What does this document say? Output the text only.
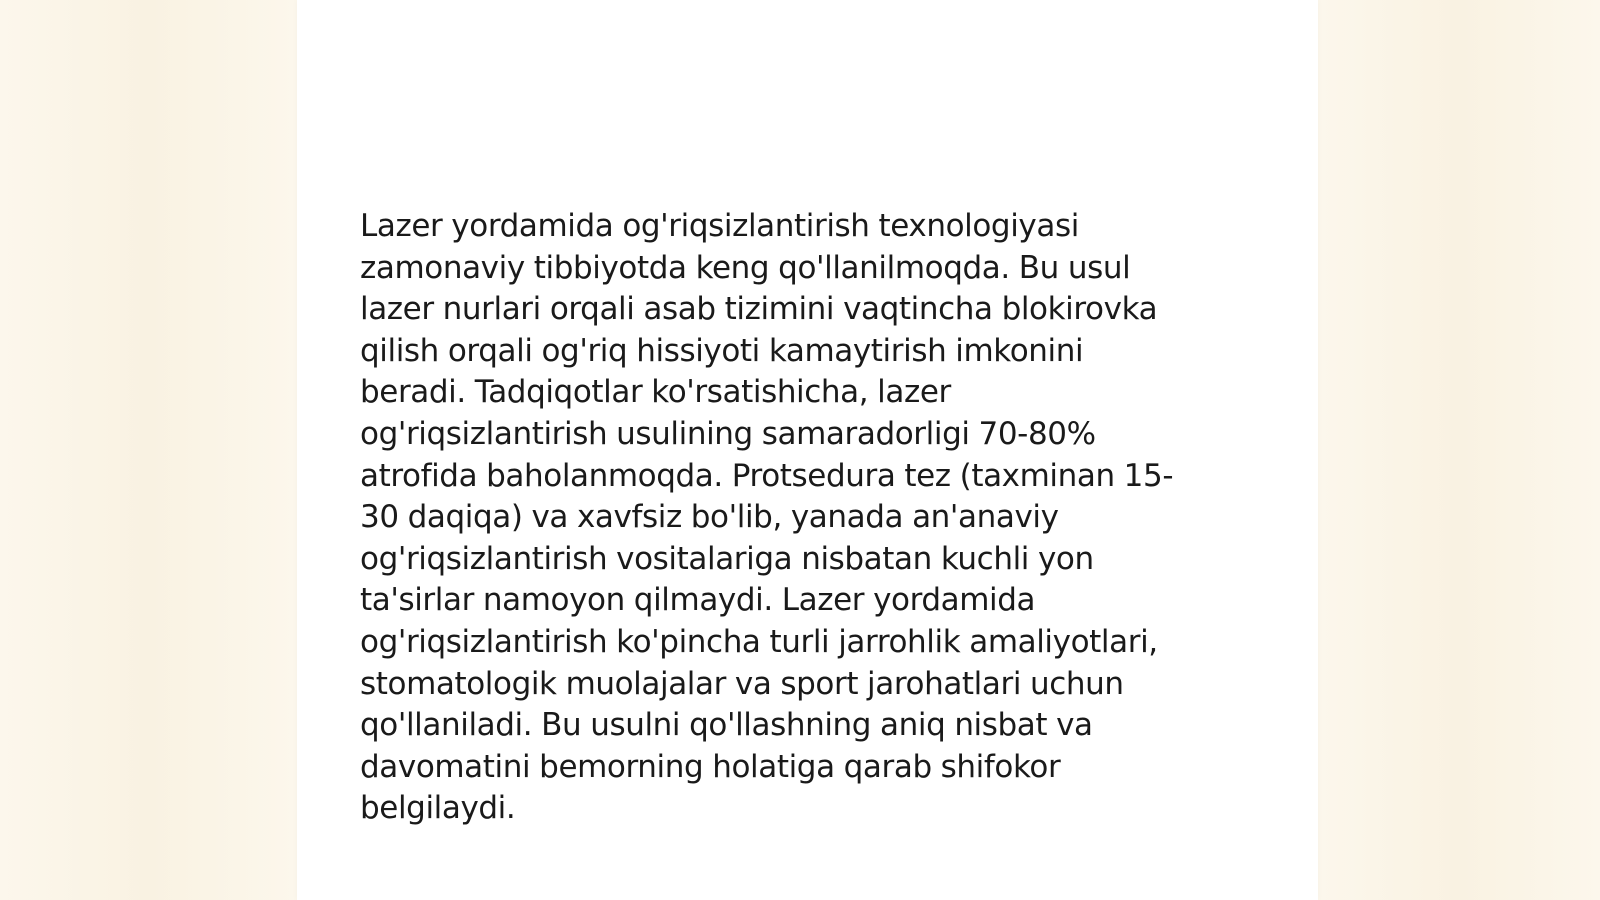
Lazer yordamida og'riqsizlantirish texnologiyasi
zamonaviy tibbiyotda keng qo'llanilmoqda. Bu usul
lazer nurlari orqali asab tizimini vaqtincha blokirovka
qilish orqali og'riq hissiyoti kamaytirish imkonini
beradi. Tadqiqotlar ko'rsatishicha, lazer
og'riqsizlantirish usulining samaradorligi 70-80%
atrofida baholanmoqda. Protsedura tez (taxminan 15-
30 daqiqa) va xavfsiz bo'lib, yanada an'anaviy
og'riqsizlantirish vositalariga nisbatan kuchli yon
ta'sirlar namoyon qilmaydi. Lazer yordamida
og'riqsizlantirish ko'pincha turli jarrohlik amaliyotlari,
stomatologik muolajalar va sport jarohatlari uchun
qo'llaniladi. Bu usulni qo'llashning aniq nisbat va
davomatini bemorning holatiga qarab shifokor
belgilaydi.
